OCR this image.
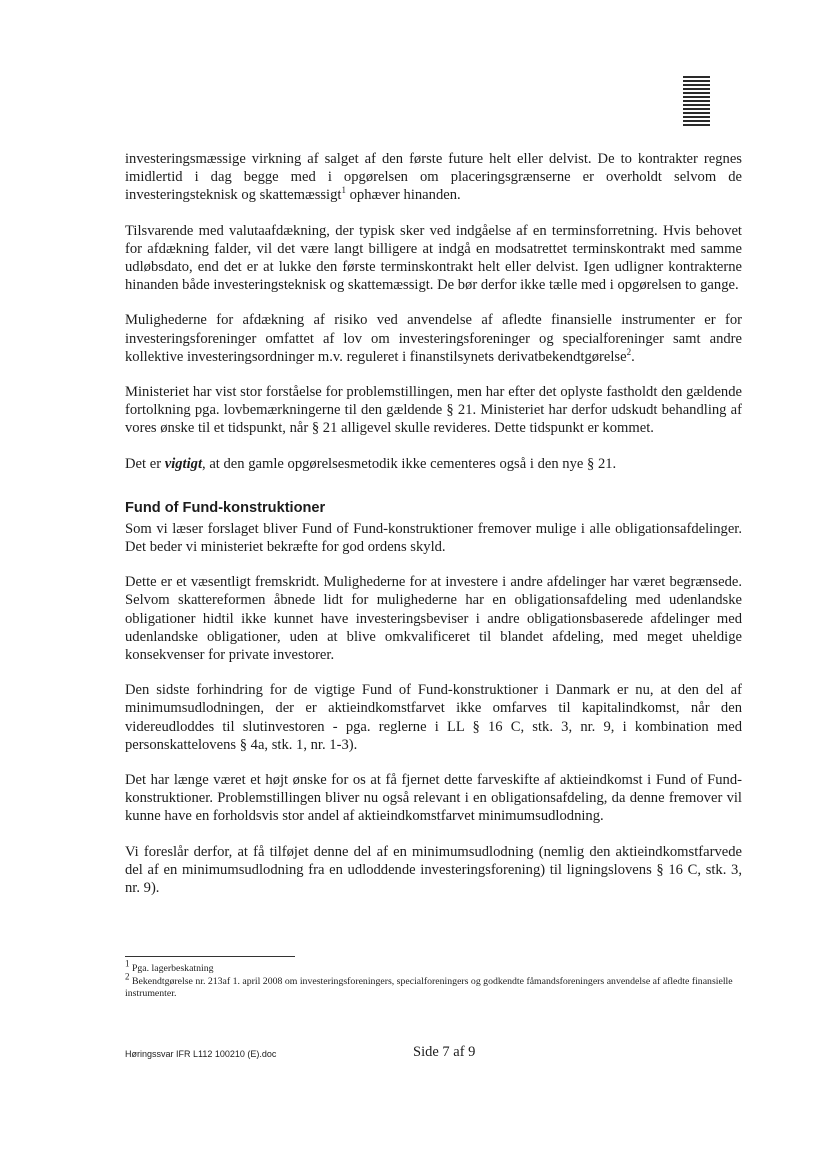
investeringsmæssige virkning af salget af den første future helt eller delvist. De to kontrakter regnes imidlertid i dag begge med i opgørelsen om placeringsgrænserne er overholdt selvom de investeringsteknisk og skattemæssigt$^1$ ophæver hinanden.

Tilsvarende med valutaafdækning, der typisk sker ved indgåelse af en terminsforretning. Hvis behovet for afdækning falder, vil det være langt billigere at indgå en modsatrettet terminskontrakt med samme udløbsdato, end det er at lukke den første terminskontrakt helt eller delvist. Igen udligner kontrakterne hinanden både investeringsteknisk og skattemæssigt. De bør derfor ikke tælle med i opgørelsen to gange.

Mulighederne for afdækning af risiko ved anvendelse af afledte finansielle instrumenter er for investeringsforeninger omfattet af lov om investeringsforeninger og specialforeninger samt andre kollektive investeringsordninger m.v. reguleret i finanstilsynets derivatbekendtgørelse$^2$.

Ministeriet har vist stor forståelse for problemstillingen, men har efter det oplyste fastholdt den gældende fortolkning pga. lovbemærkningerne til den gældende § 21. Ministeriet har derfor udskudt behandling af vores ønske til et tidspunkt, når § 21 alligevel skulle revideres. Dette tidspunkt er kommet.

Det er vigtigt, at den gamle opgørelsesmetodik ikke cementeres også i den nye § 21.

Fund of Fund-konstruktioner

Som vi læser forslaget bliver Fund of Fund-konstruktioner fremover mulige i alle obligationsafdelinger. Det beder vi ministeriet bekræfte for god ordens skyld.

Dette er et væsentligt fremskridt. Mulighederne for at investere i andre afdelinger har været begrænsede. Selvom skattereformen åbnede lidt for mulighederne har en obligationsafdeling med udenlandske obligationer hidtil ikke kunnet have investeringsbeviser i andre obligationsbaserede afdelinger med udenlandske obligationer, uden at blive omkvalificeret til blandet afdeling, med meget uheldige konsekvenser for private investorer.

Den sidste forhindring for de vigtige Fund of Fund-konstruktioner i Danmark er nu, at den del af minimumsudlodningen, der er aktieindkomstfarvet ikke omfarves til kapitalindkomst, når den videreudloddes til slutinvestoren - pga. reglerne i LL § 16 C, stk. 3, nr. 9, i kombination med personskattelovens § 4a, stk. 1, nr. 1-3).

Det har længe været et højt ønske for os at få fjernet dette farveskifte af aktieindkomst i Fund of Fund-konstruktioner. Problemstillingen bliver nu også relevant i en obligationsafdeling, da denne fremover vil kunne have en forholdsvis stor andel af aktieindkomstfarvet minimumsudlodning.

Vi foreslår derfor, at få tilføjet denne del af en minimumsudlodning (nemlig den aktieindkomstfarvede del af en minimumsudlodning fra en udloddende investeringsforening) til ligningslovens § 16 C, stk. 3, nr. 9).

$^1$ Pga. lagerbeskatning

$^2$ Bekendtgørelse nr. 213af 1. april 2008 om investeringsforeningers, specialforeningers og godkendte fåmandsforeningers anvendelse af afledte finansielle instrumenter.

Høringssvar IFR L112 100210 (E).doc	Side 7 af 9
